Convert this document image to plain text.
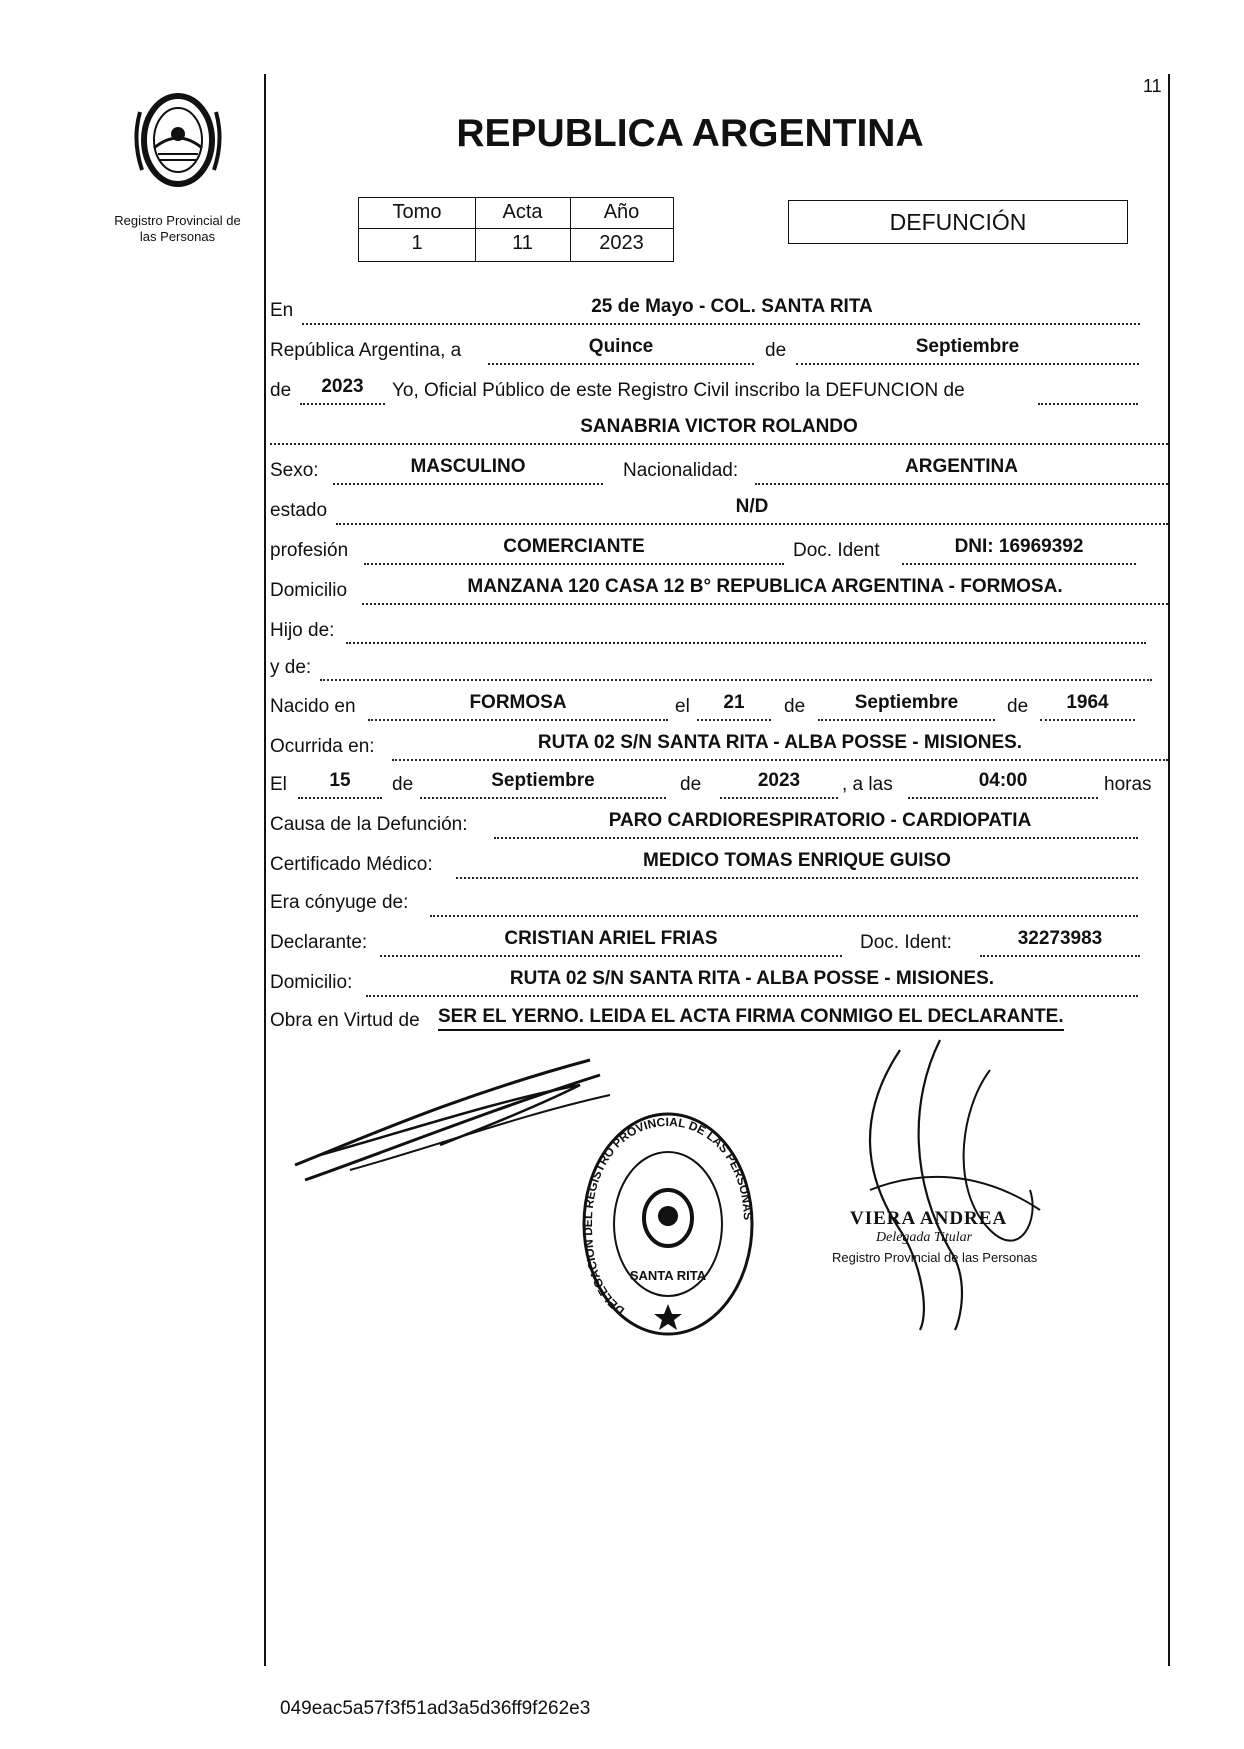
Registro Provincial de
las Personas
11
REPUBLICA ARGENTINA
Tomo	Acta	Año
1	11	2023
DEFUNCIÓN
En	25 de Mayo - COL. SANTA RITA
República Argentina, a	Quince	de	Septiembre
de	2023	Yo, Oficial Público de este Registro Civil inscribo la DEFUNCION de
SANABRIA VICTOR ROLANDO
Sexo:	MASCULINO	Nacionalidad:	ARGENTINA
estado	N/D
profesión	COMERCIANTE	Doc. Ident	DNI: 16969392
Domicilio	MANZANA 120 CASA 12 B° REPUBLICA ARGENTINA - FORMOSA.
Hijo de:
y de:
Nacido en	FORMOSA	el	21	de	Septiembre	de	1964
Ocurrida en:	RUTA 02 S/N SANTA RITA - ALBA POSSE - MISIONES.
El	15	de	Septiembre	de	2023	, a las	04:00	horas
Causa de la Defunción:	PARO CARDIORESPIRATORIO - CARDIOPATIA
Certificado Médico:	MEDICO TOMAS ENRIQUE GUISO
Era cónyuge de:
Declarante:	CRISTIAN ARIEL FRIAS	Doc. Ident:	32273983
Domicilio:	RUTA 02 S/N SANTA RITA - ALBA POSSE - MISIONES.
Obra en Virtud de SER EL YERNO. LEIDA EL ACTA FIRMA CONMIGO EL DECLARANTE.
DELEGACION DEL REGISTRO PROVINCIAL DE LAS PERSONAS
SANTA RITA
VIERA ANDREA
Delegada Titular
Registro Provincial de las Personas
049eac5a57f3f51ad3a5d36ff9f262e3
